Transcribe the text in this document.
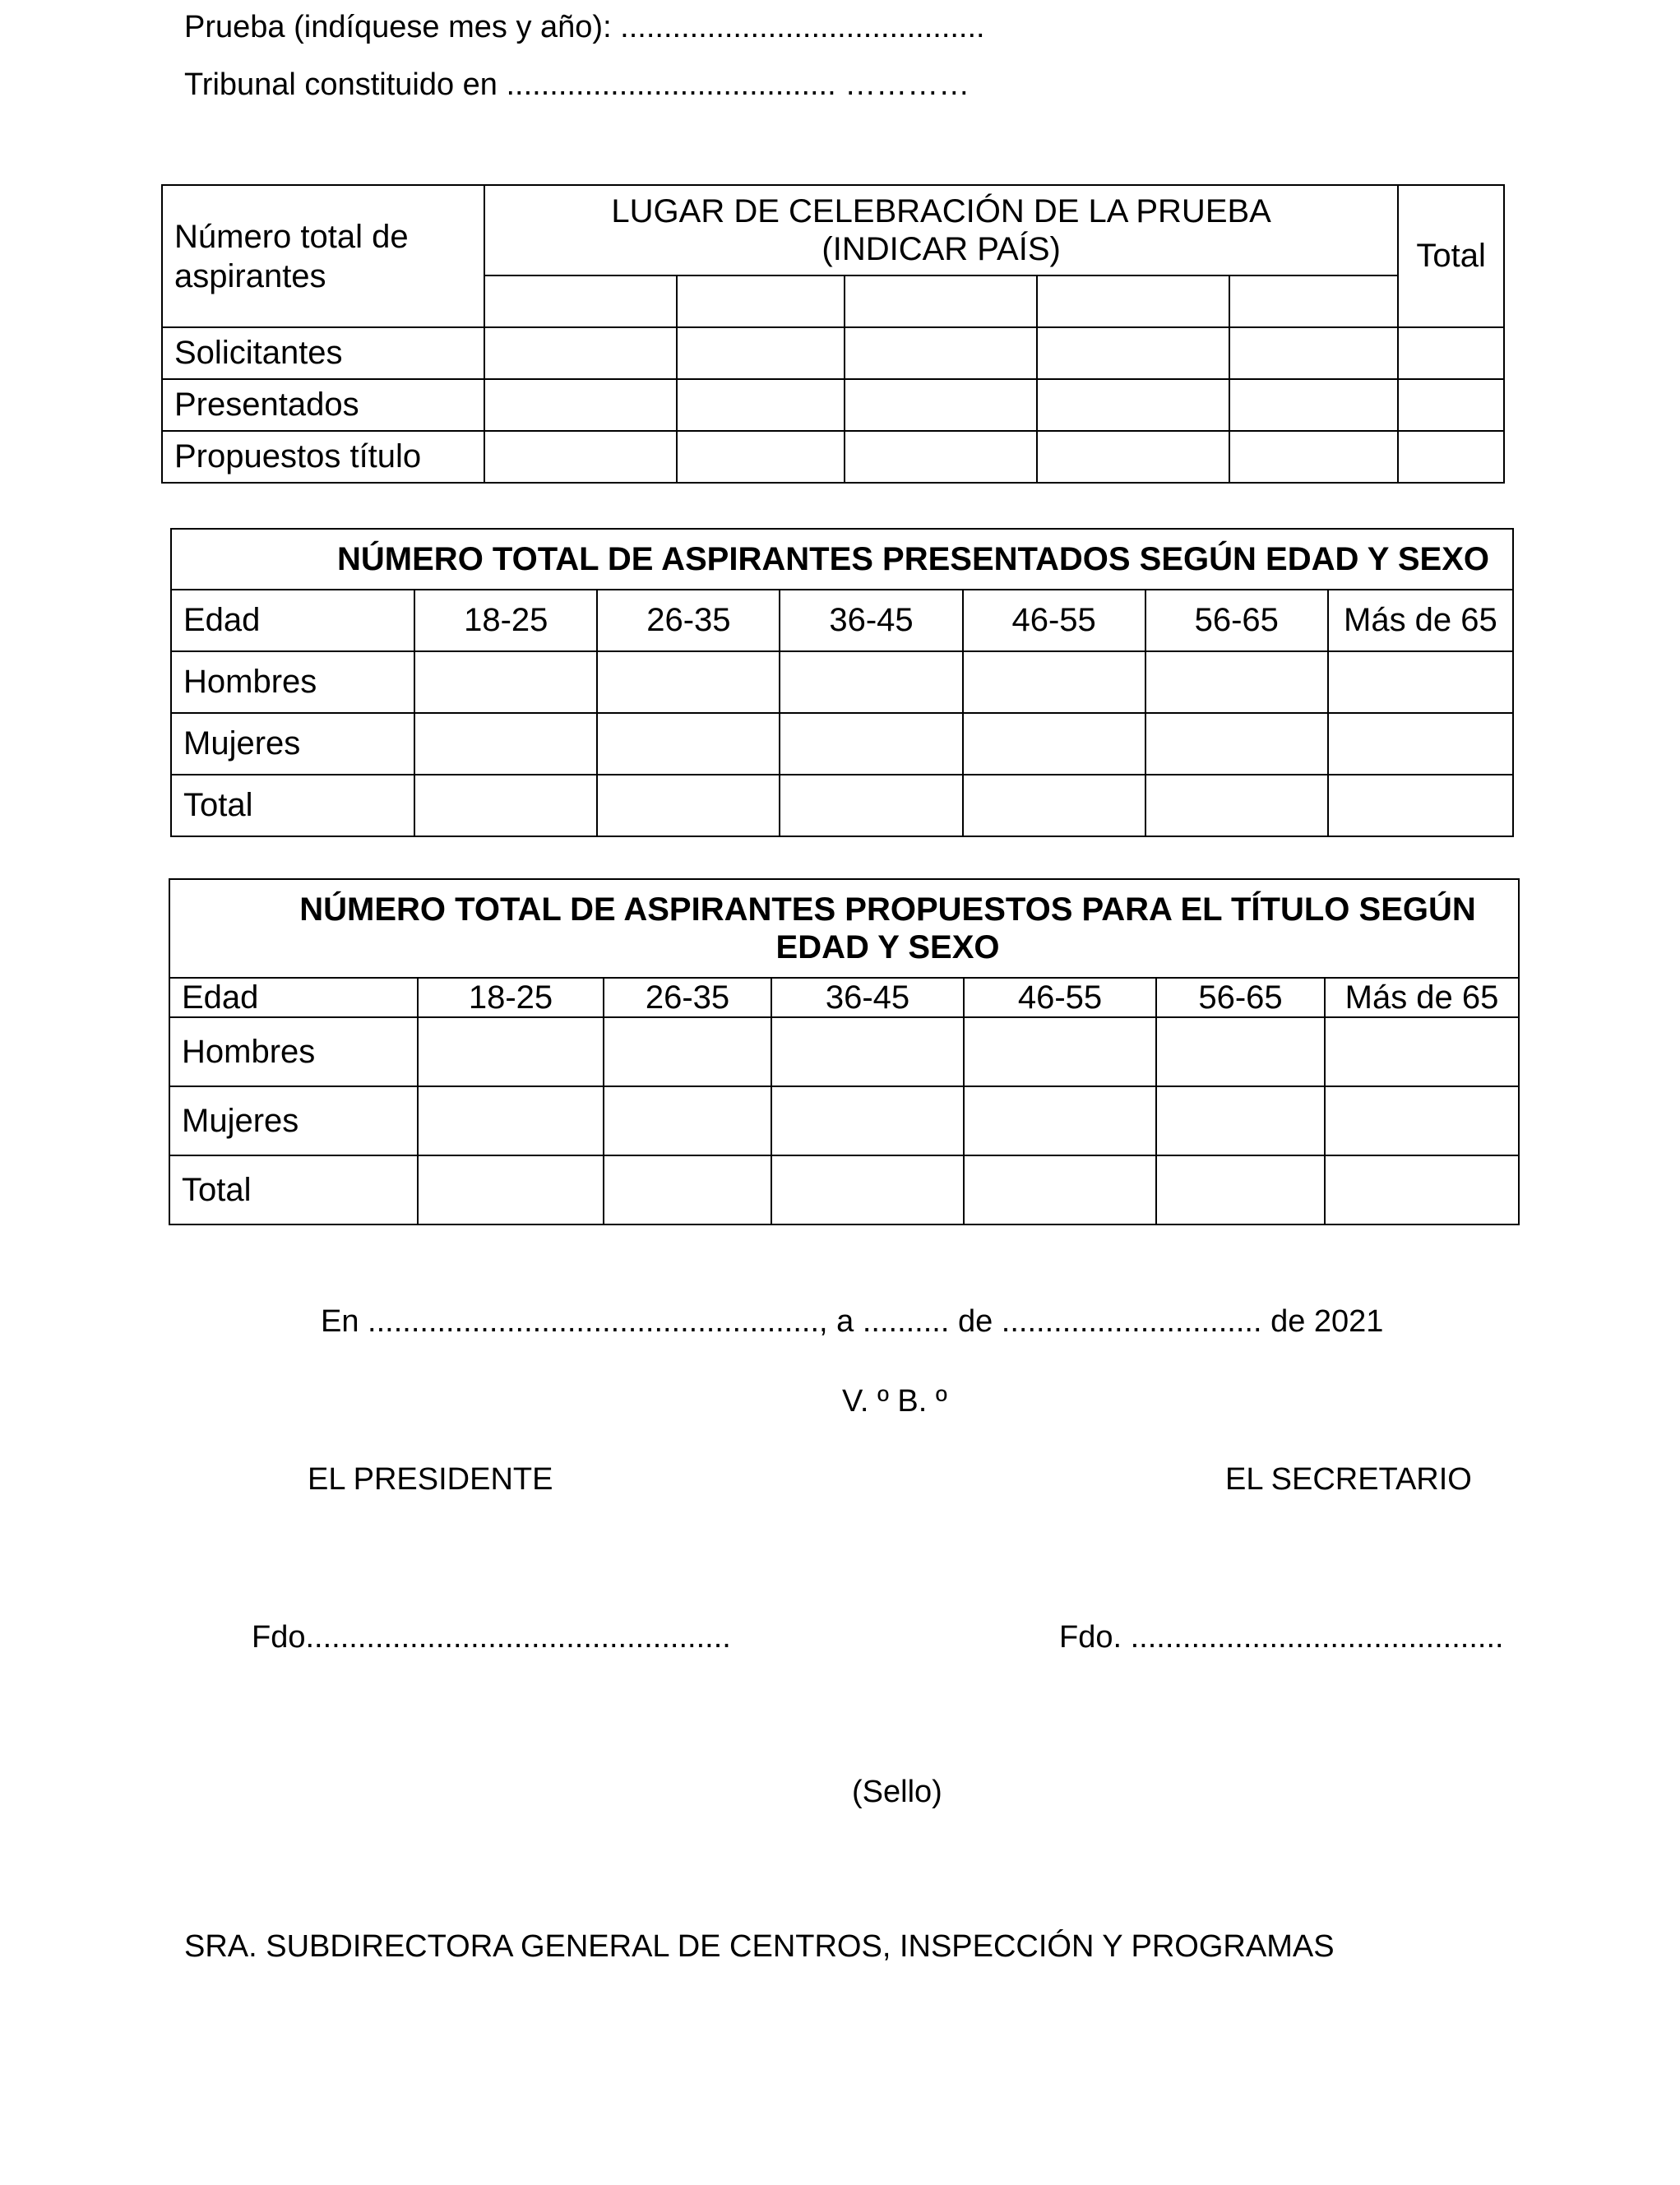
Prueba (indíquese mes y año): ..........................................
Tribunal constituido en ...................................... …………
Número total de aspirantes	LUGAR DE CELEBRACIÓN DE LA PRUEBA
(INDICAR PAÍS)					Total

Solicitantes						
Presentados						
Propuestos título						
NÚMERO TOTAL DE ASPIRANTES PRESENTADOS SEGÚN EDAD Y SEXO						
Edad	18-25	26-35	36-45	46-55	56-65	Más de 65
Hombres						
Mujeres						
Total						
NÚMERO TOTAL DE ASPIRANTES PROPUESTOS PARA EL TÍTULO SEGÚN
EDAD Y SEXO						

Edad	18-25	26-35	36-45	46-55	56-65	Más de 65
Hombres						
Mujeres						
Total						
En ...................................................., a .......... de .............................. de 2021
V. º B. º
EL PRESIDENTE	EL SECRETARIO
Fdo.................................................	Fdo. ...........................................
(Sello)
SRA. SUBDIRECTORA GENERAL DE CENTROS, INSPECCIÓN Y PROGRAMAS
